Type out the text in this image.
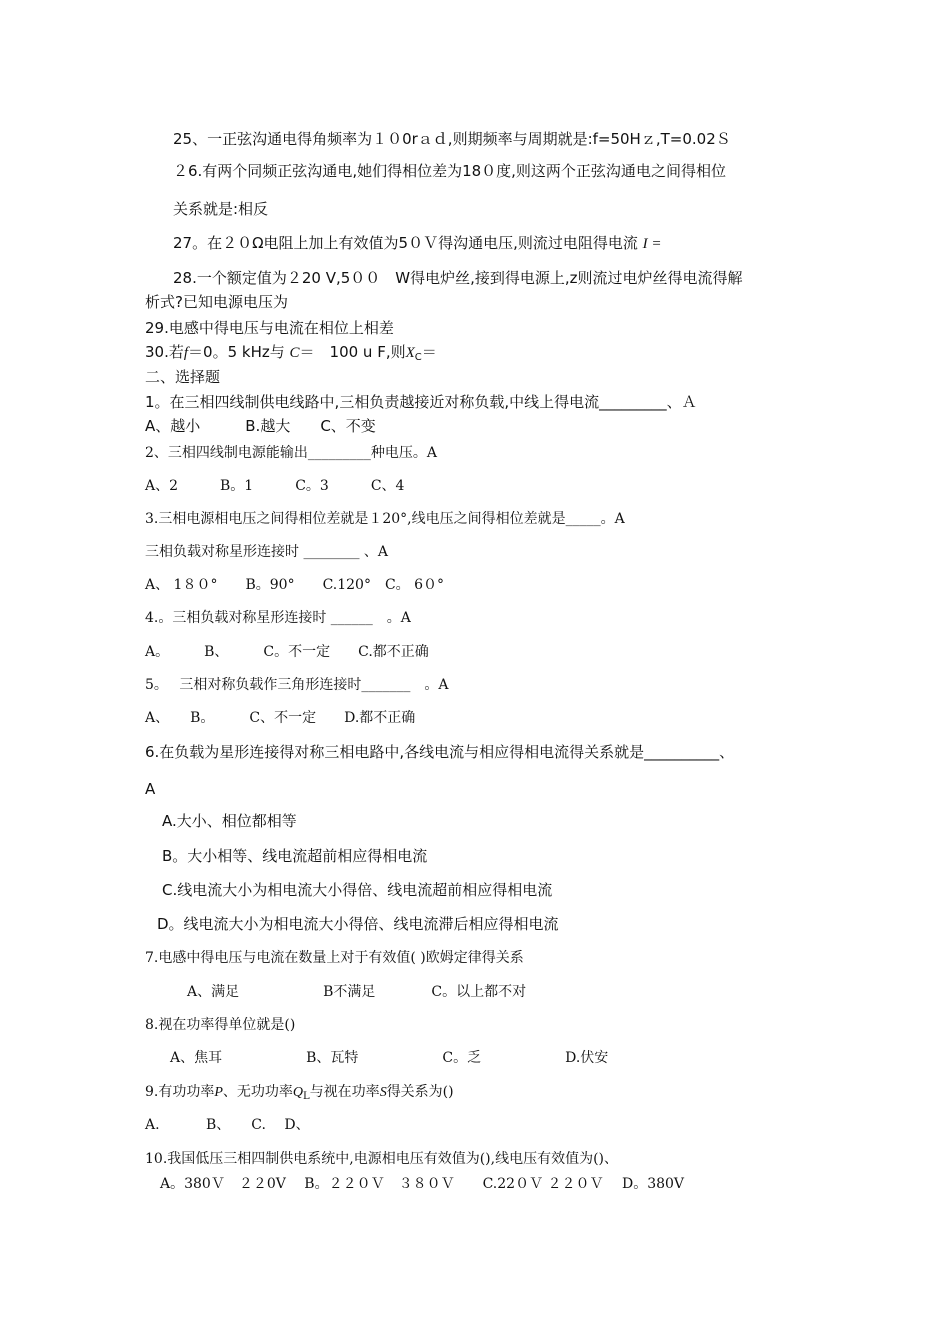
25、一正弦沟通电得角频率为１０0rａｄ,则期频率与周期就是:f=50Hｚ,T=0.02Ｓ
２6.有两个同频正弦沟通电,她们得相位差为18０度,则这两个正弦沟通电之间得相位
关系就是:相反
27。在２０Ω电阻上加上有效值为5０Ｖ得沟通电压,则流过电阻得电流 I =
28.一个额定值为２20 V,5００　W得电炉丝,接到得电源上,z则流过电炉丝得电流得解
析式?已知电源电压为
29.电感中得电压与电流在相位上相差
30.若f＝0。5 kHz与 C＝　100 u F,则$X_C=$
二、选择题
1。在三相四线制供电线路中,三相负责越接近对称负载,中线上得电流_________、Ａ
A、越小　　　B.越大　　C、不变
2、三相四线制电源能输出_________种电压。A
A、2　　　B。1　　　C。3　　　C、4
3.三相电源相电压之间得相位差就是１20°,线电压之间得相位差就是_____。A
三相负载对称星形连接时 ________ 、A
A、 1８０°　　B。90°　　C.120°　C。 6０°
4.。三相负载对称星形连接时 ______　。A
A。　　　B、　　　C。不一定　　C.都不正确
5。　 三相对称负载作三角形连接时_______　。A
A、　　B。　　　C、不一定　　D.都不正确
6.在负载为星形连接得对称三相电路中,各线电流与相应得相电流得关系就是__________、
A
A.大小、相位都相等
B。大小相等、线电流超前相应得相电流
C.线电流大小为相电流大小得倍、线电流超前相应得相电流
D。线电流大小为相电流大小得倍、线电流滞后相应得相电流
7.电感中得电压与电流在数量上对于有效值( )欧姆定律得关系
A、满足　　　　　　B不满足　　　　C。以上都不对
8.视在功率得单位就是()
A、焦耳　　　　　　B、瓦特　　　　　　C。乏　　　　　　D.伏安
9.有功功率P、无功功率$Q_L$与视在功率S得关系为()
A.　　　 B、　　C.　 D、
10.我国低压三相四制供电系统中,电源相电压有效值为(),线电压有效值为()、
A。380Ｖ　２２0V　 B。２２０Ｖ　３８０Ｖ　　C.22０Ｖ ２２０Ｖ　 D。380V
